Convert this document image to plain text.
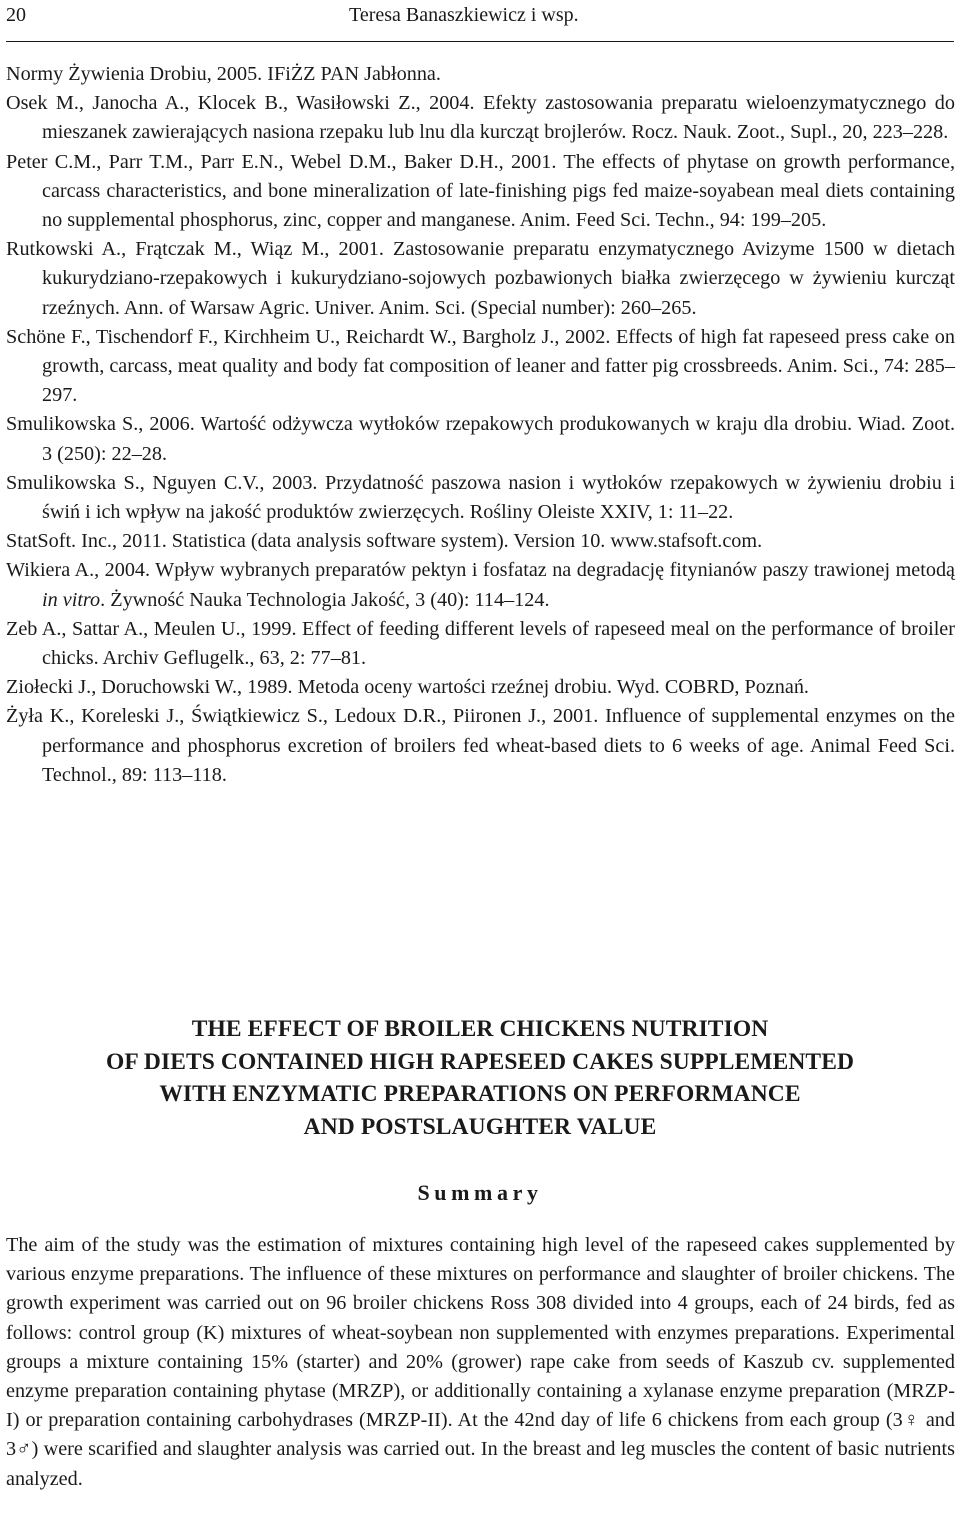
20	Teresa Banaszkiewicz i wsp.

Normy Żywienia Drobiu, 2005. IFiŻZ PAN Jabłonna.

Osek M., Janocha A., Klocek B., Wasiłowski Z., 2004. Efekty zastosowania preparatu wieloenzymatycznego do mieszanek zawierających nasiona rzepaku lub lnu dla kurcząt brojlerów. Rocz. Nauk. Zoot., Supl., 20, 223–228.

Peter C.M., Parr T.M., Parr E.N., Webel D.M., Baker D.H., 2001. The effects of phytase on growth performance, carcass characteristics, and bone mineralization of late-finishing pigs fed maize-soyabean meal diets containing no supplemental phosphorus, zinc, copper and manganese. Anim. Feed Sci. Techn., 94: 199–205.

Rutkowski A., Frątczak M., Wiąz M., 2001. Zastosowanie preparatu enzymatycznego Avizyme 1500 w dietach kukurydziano-rzepakowych i kukurydziano-sojowych pozbawionych białka zwierzęcego w żywieniu kurcząt rzeźnych. Ann. of Warsaw Agric. Univer. Anim. Sci. (Special number): 260–265.

Schöne F., Tischendorf F., Kirchheim U., Reichardt W., Bargholz J., 2002. Effects of high fat rapeseed press cake on growth, carcass, meat quality and body fat composition of leaner and fatter pig crossbreeds. Anim. Sci., 74: 285–297.

Smulikowska S., 2006. Wartość odżywcza wytłoków rzepakowych produkowanych w kraju dla drobiu. Wiad. Zoot. 3 (250): 22–28.

Smulikowska S., Nguyen C.V., 2003. Przydatność paszowa nasion i wytłoków rzepakowych w żywieniu drobiu i świń i ich wpływ na jakość produktów zwierzęcych. Rośliny Oleiste XXIV, 1: 11–22.

StatSoft. Inc., 2011. Statistica (data analysis software system). Version 10. www.stafsoft.com.

Wikiera A., 2004. Wpływ wybranych preparatów pektyn i fosfataz na degradację fitynianów paszy trawionej metodą in vitro. Żywność Nauka Technologia Jakość, 3 (40): 114–124.

Zeb A., Sattar A., Meulen U., 1999. Effect of feeding different levels of rapeseed meal on the performance of broiler chicks. Archiv Geflugelk., 63, 2: 77–81.

Ziołecki J., Doruchowski W., 1989. Metoda oceny wartości rzeźnej drobiu. Wyd. COBRD, Poznań.

Żyła K., Koreleski J., Świątkiewicz S., Ledoux D.R., Piironen J., 2001. Influence of supplemental enzymes on the performance and phosphorus excretion of broilers fed wheat-based diets to 6 weeks of age. Animal Feed Sci. Technol., 89: 113–118.

THE EFFECT OF BROILER CHICKENS NUTRITION
OF DIETS CONTAINED HIGH RAPESEED CAKES SUPPLEMENTED
WITH ENZYMATIC PREPARATIONS ON PERFORMANCE
AND POSTSLAUGHTER VALUE
Summary

The aim of the study was the estimation of mixtures containing high level of the rapeseed cakes supplemented by various enzyme preparations. The influence of these mixtures on performance and slaughter of broiler chickens. The growth experiment was carried out on 96 broiler chickens Ross 308 divided into 4 groups, each of 24 birds, fed as follows: control group (K) mixtures of wheat-soybean non supplemented with enzymes preparations. Experimental groups a mixture containing 15% (starter) and 20% (grower) rape cake from seeds of Kaszub cv. supplemented enzyme preparation containing phytase (MRZP), or additionally containing a xylanase enzyme preparation (MRZP-I) or preparation containing carbohydrases (MRZP-II). At the 42nd day of life 6 chickens from each group (3♀ and 3♂) were scarified and slaughter analysis was carried out. In the breast and leg muscles the content of basic nutrients analyzed.
